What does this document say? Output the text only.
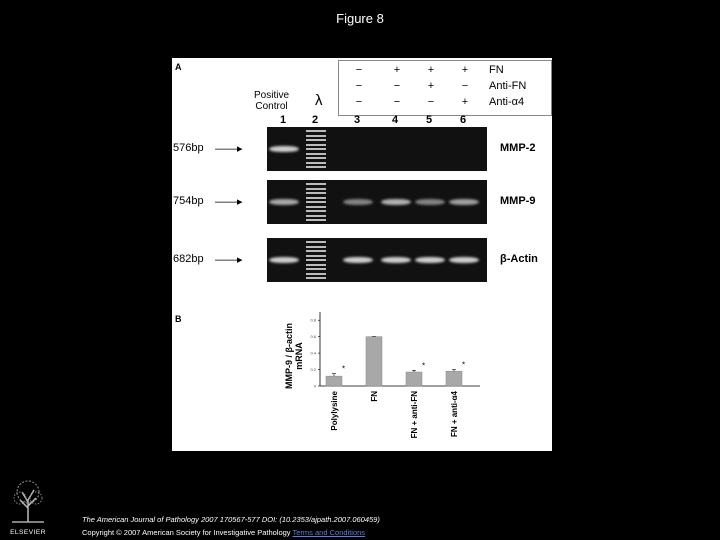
Figure 8
A	−	+	+	+	FN
−	−	+	−	Anti-FN
−	−	−	+	Anti-α4
Positive
Control λ
1 2	3	4	5	6
576bp ——▸	MMP-2
754bp ——▸	MMP-9
682bp ——▸	β-Actin
B
MMP-9 / β-actin mRNA
0.8
0.6
0.4
0.2
0
*
Polylysine	FN
*
FN + anti-FN
*
FN + anti-α4
ELSEVIER
The American Journal of Pathology 2007 170567-577 DOI: (10.2353/ajpath.2007.060459)
Copyright © 2007 American Society for Investigative Pathology Terms and Conditions
